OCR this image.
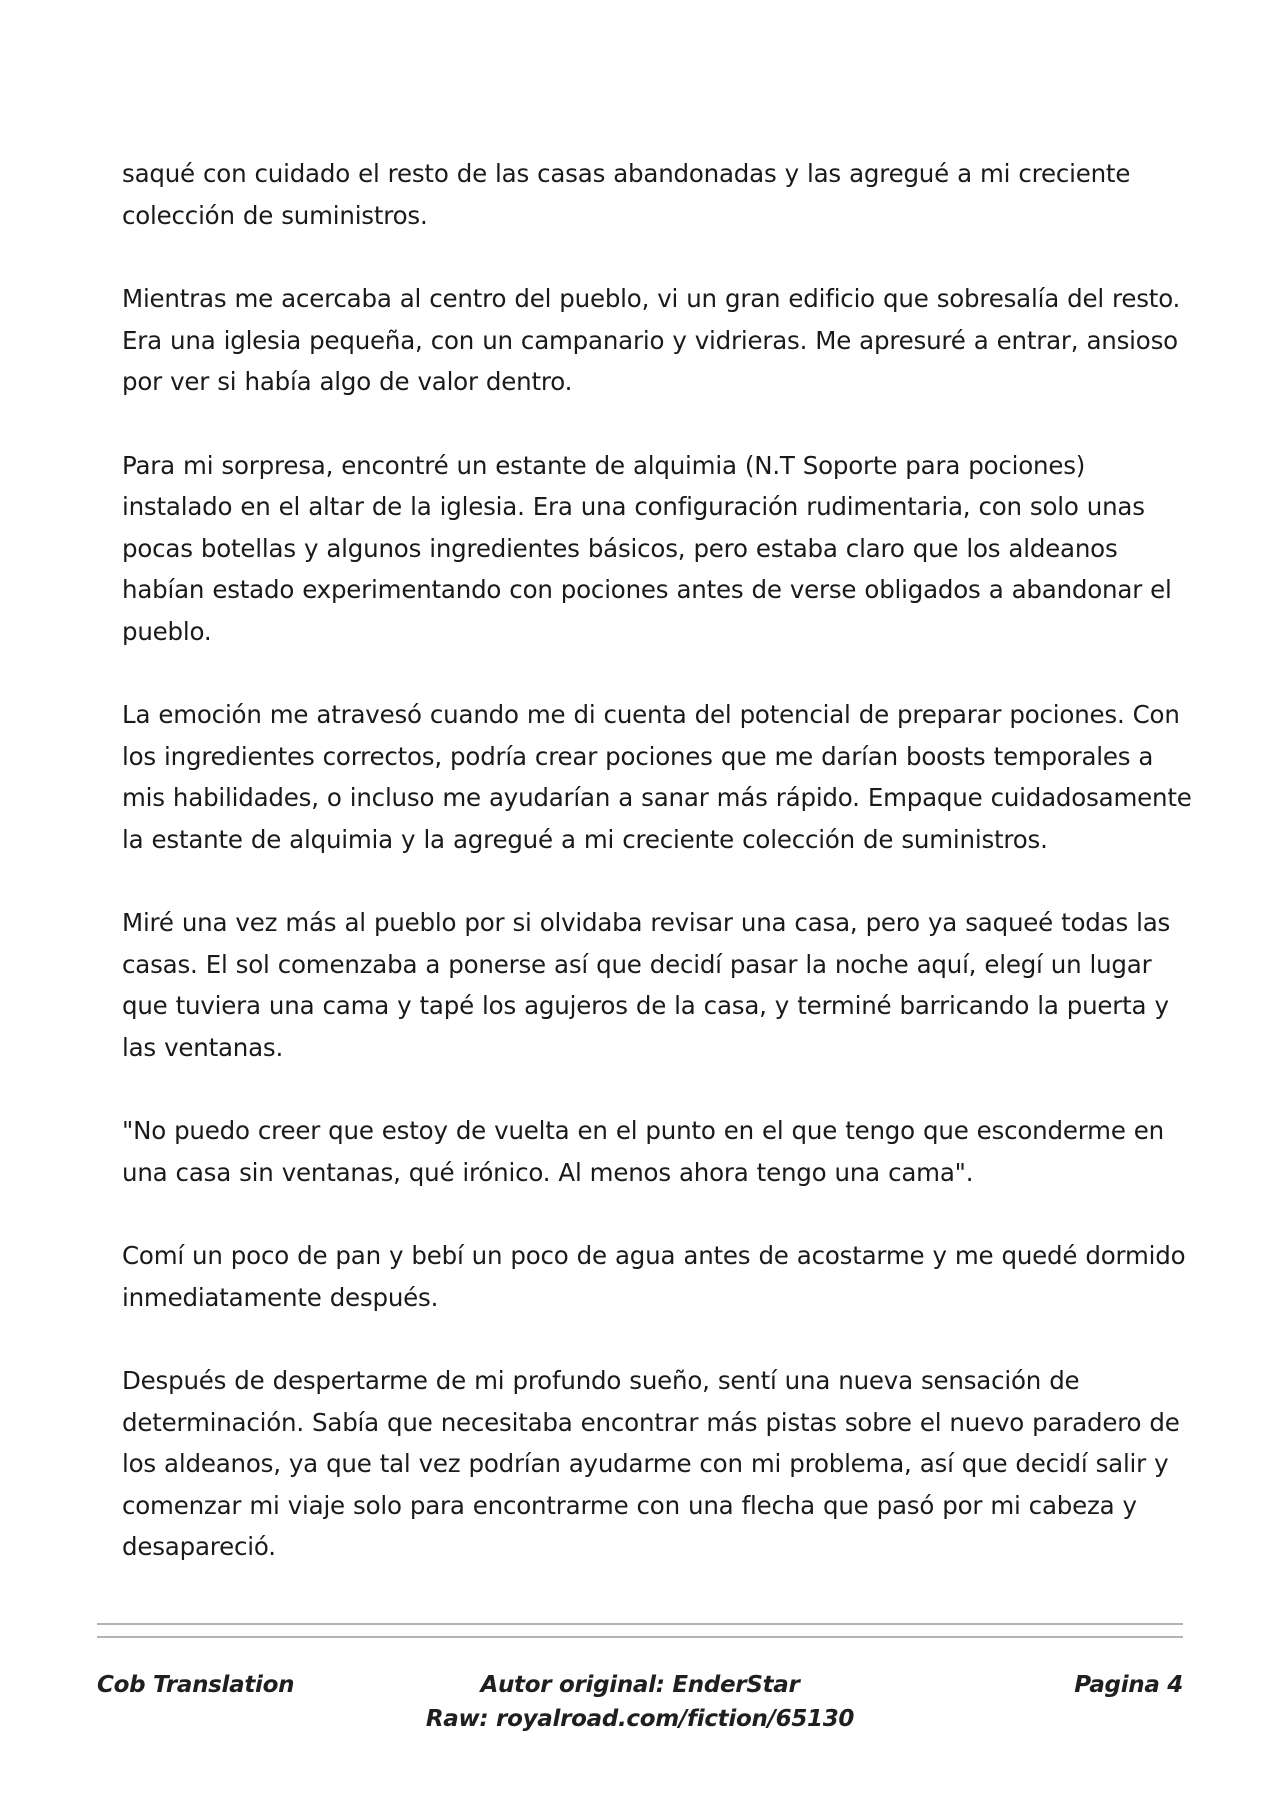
saqué con cuidado el resto de las casas abandonadas y las agregué a mi creciente colección de suministros.

Mientras me acercaba al centro del pueblo, vi un gran edificio que sobresalía del resto. Era una iglesia pequeña, con un campanario y vidrieras. Me apresuré a entrar, ansioso por ver si había algo de valor dentro.

Para mi sorpresa, encontré un estante de alquimia (N.T Soporte para pociones) instalado en el altar de la iglesia. Era una configuración rudimentaria, con solo unas pocas botellas y algunos ingredientes básicos, pero estaba claro que los aldeanos habían estado experimentando con pociones antes de verse obligados a abandonar el pueblo.

La emoción me atravesó cuando me di cuenta del potencial de preparar pociones. Con los ingredientes correctos, podría crear pociones que me darían boosts temporales a mis habilidades, o incluso me ayudarían a sanar más rápido. Empaque cuidadosamente la estante de alquimia y la agregué a mi creciente colección de suministros.

Miré una vez más al pueblo por si olvidaba revisar una casa, pero ya saqueé todas las casas. El sol comenzaba a ponerse así que decidí pasar la noche aquí, elegí un lugar que tuviera una cama y tapé los agujeros de la casa, y terminé barricando la puerta y las ventanas.

"No puedo creer que estoy de vuelta en el punto en el que tengo que esconderme en una casa sin ventanas, qué irónico. Al menos ahora tengo una cama".

Comí un poco de pan y bebí un poco de agua antes de acostarme y me quedé dormido inmediatamente después.

Después de despertarme de mi profundo sueño, sentí una nueva sensación de determinación. Sabía que necesitaba encontrar más pistas sobre el nuevo paradero de los aldeanos, ya que tal vez podrían ayudarme con mi problema, así que decidí salir y comenzar mi viaje solo para encontrarme con una flecha que pasó por mi cabeza y desapareció.

Cob Translation	Autor original: EnderStar
Raw: royalroad.com/fiction/65130
Pagina 4
